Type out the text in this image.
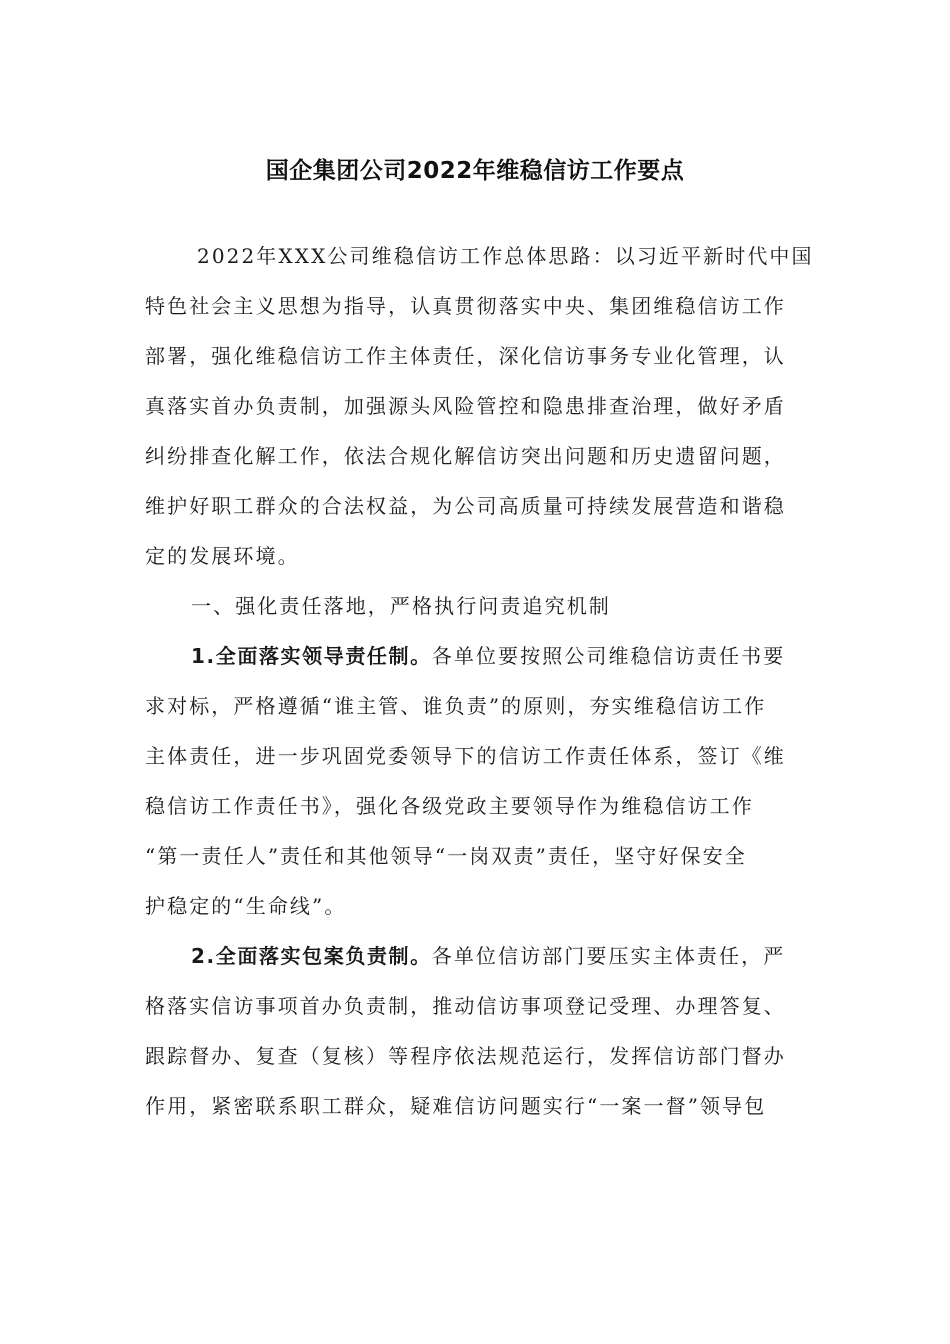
国企集团公司2022年维稳信访工作要点
2022年XXX公司维稳信访工作总体思路：以习近平新时代中国
特色社会主义思想为指导，认真贯彻落实中央、集团维稳信访工作
部署，强化维稳信访工作主体责任，深化信访事务专业化管理，认
真落实首办负责制，加强源头风险管控和隐患排查治理，做好矛盾
纠纷排查化解工作，依法合规化解信访突出问题和历史遗留问题，
维护好职工群众的合法权益，为公司高质量可持续发展营造和谐稳
定的发展环境。
一、强化责任落地，严格执行问责追究机制
1.全面落实领导责任制。各单位要按照公司维稳信访责任书要
求对标，严格遵循“谁主管、谁负责”的原则，夯实维稳信访工作
主体责任，进一步巩固党委领导下的信访工作责任体系，签订《维
稳信访工作责任书》，强化各级党政主要领导作为维稳信访工作
“第一责任人”责任和其他领导“一岗双责”责任，坚守好保安全
护稳定的“生命线”。
2.全面落实包案负责制。各单位信访部门要压实主体责任，严
格落实信访事项首办负责制，推动信访事项登记受理、办理答复、
跟踪督办、复查（复核）等程序依法规范运行，发挥信访部门督办
作用，紧密联系职工群众，疑难信访问题实行“一案一督”领导包
